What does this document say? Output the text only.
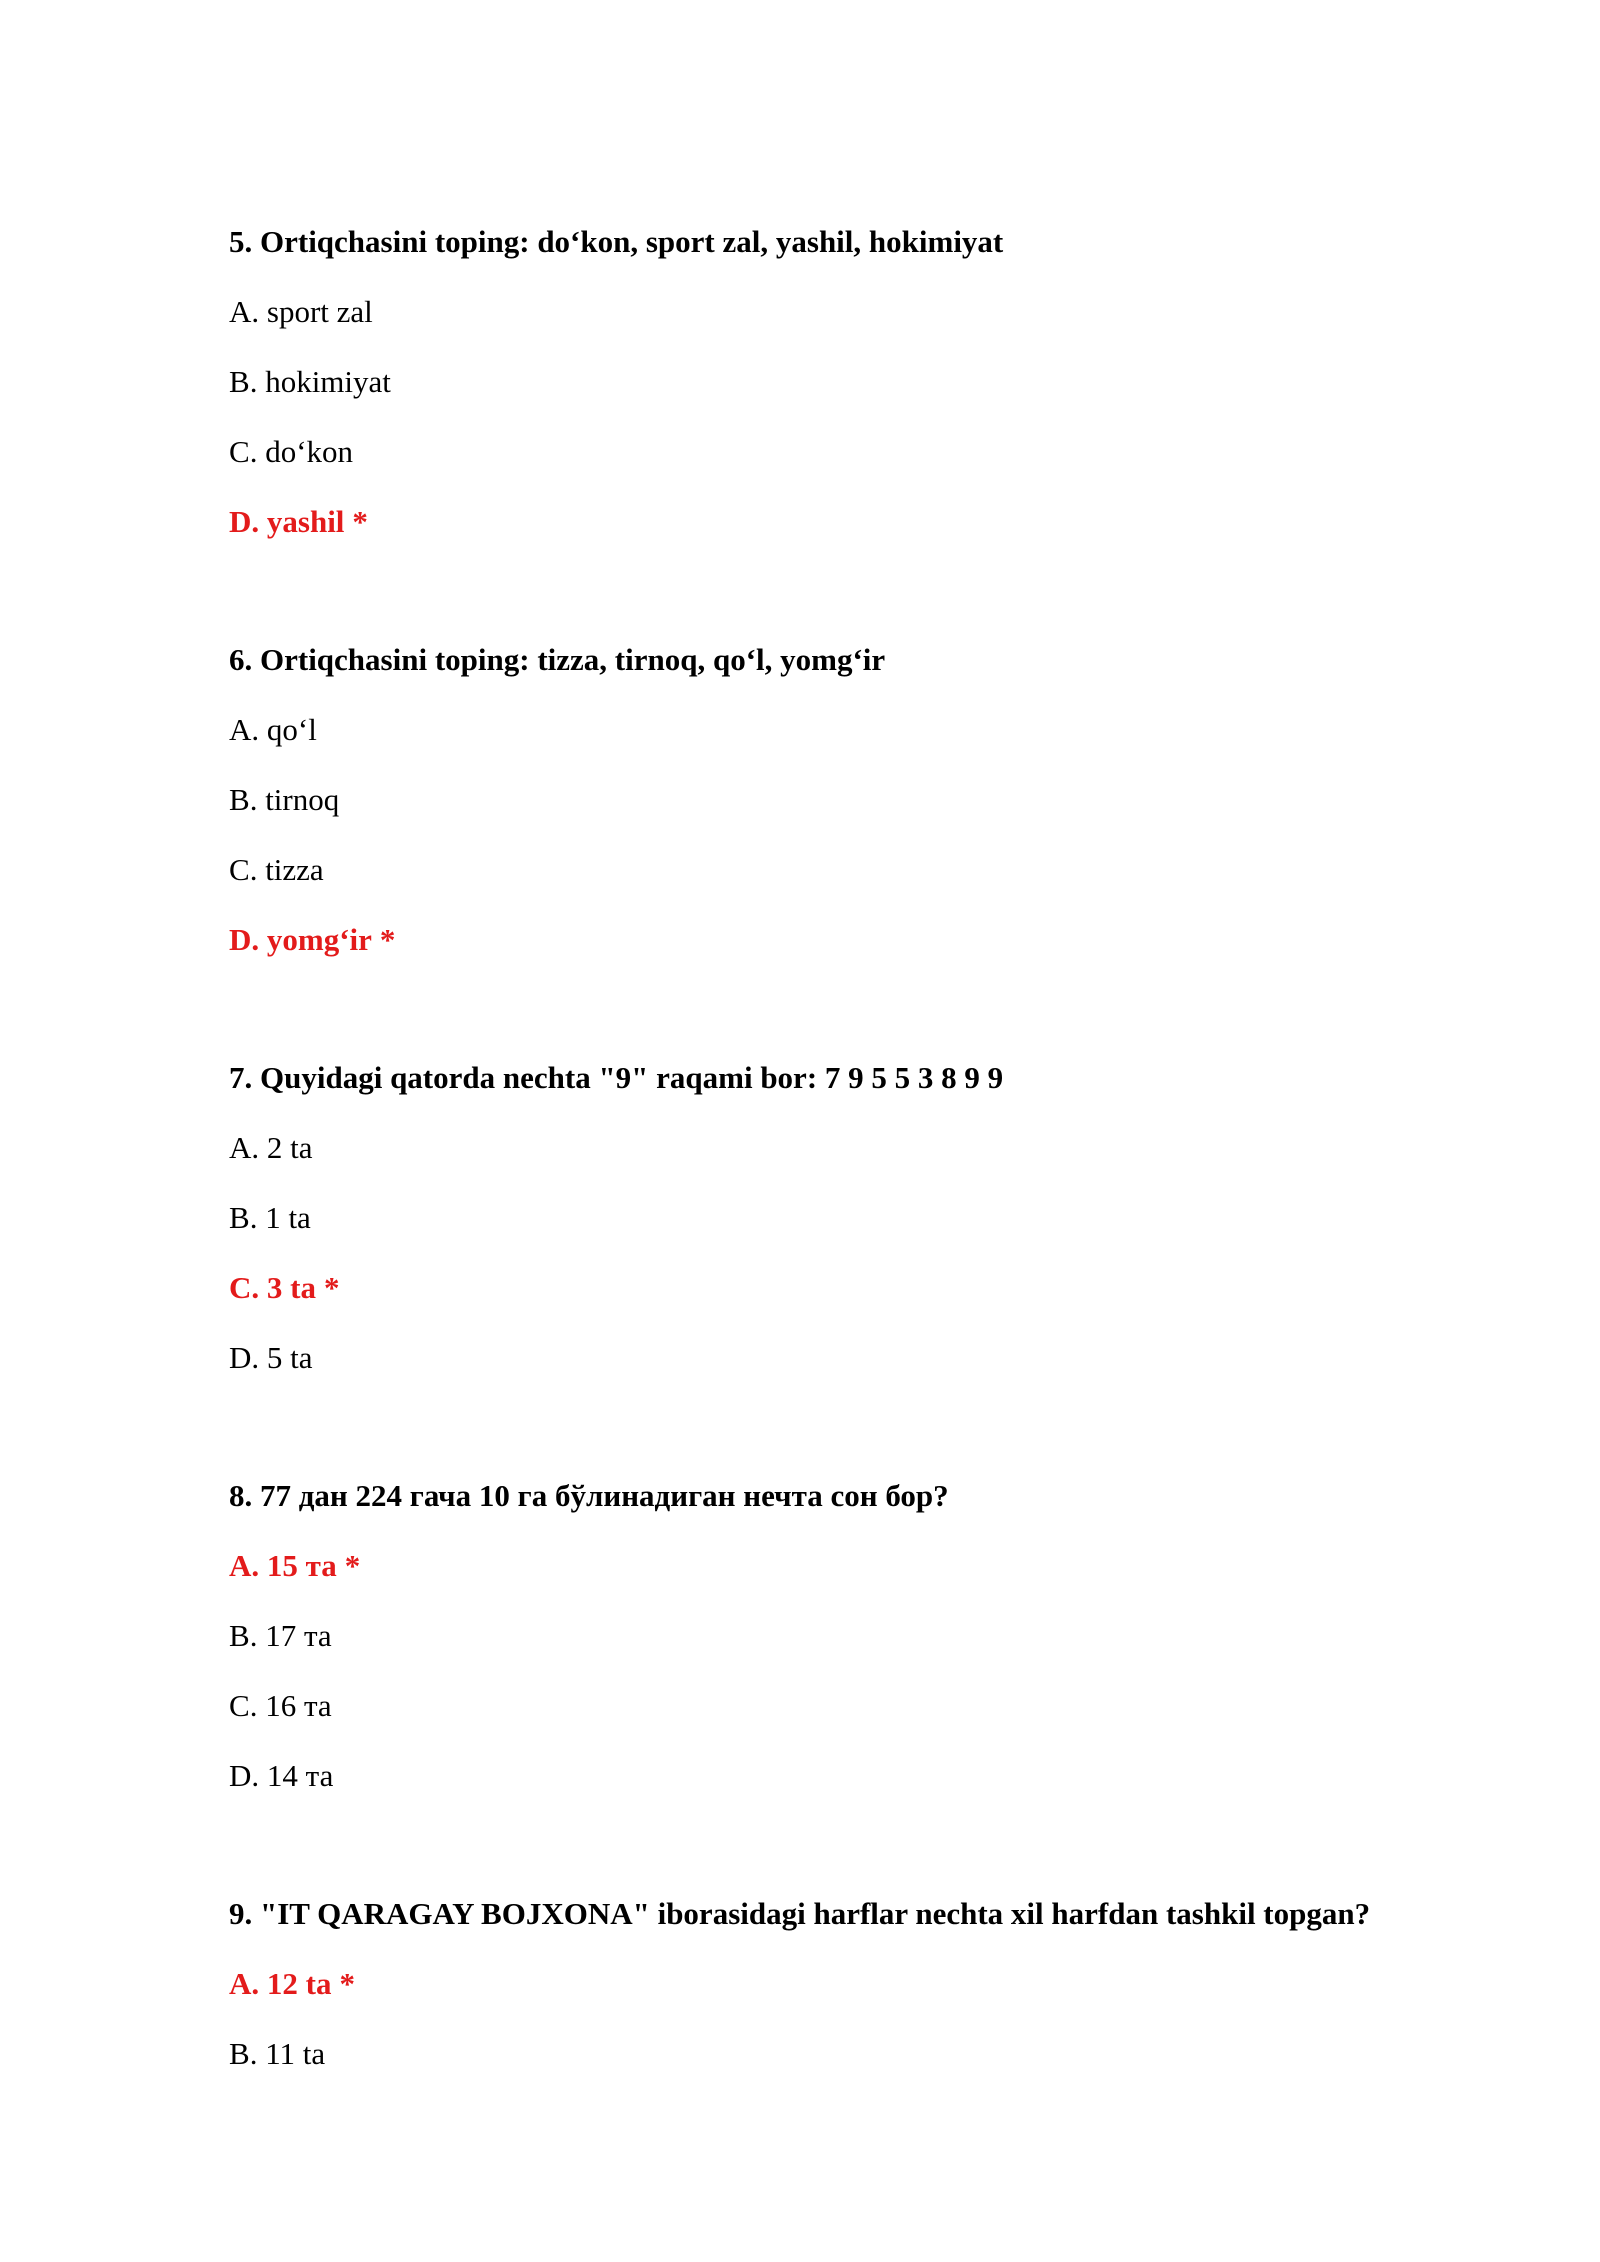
5. Ortiqchasini toping: do‘kon, sport zal, yashil, hokimiyat
A . sport zal
B . hokimiyat
C . do‘kon
D . yashil *
6. Ortiqchasini toping: tizza, tirnoq, qo‘l, yomg‘ir
A . qo‘l
B . tirnoq
C . tizza
D . yomg‘ir *
7. Quyidagi qatorda nechta "9" raqami bor: 7 9 5 5 3 8 9 9
A . 2 ta
B . 1 ta
C . 3 ta *
D . 5 ta
8. 77 дан 224 гача 10 га бўлинадиган нечта сон бор?
A . 15 та *
B . 17 та
C . 16 та
D . 14 та
9. "IT QARAGAY BOJXONA" iborasidagi harflar nechta xil harfdan tashkil topgan?
A . 12 ta *
B . 11 ta
